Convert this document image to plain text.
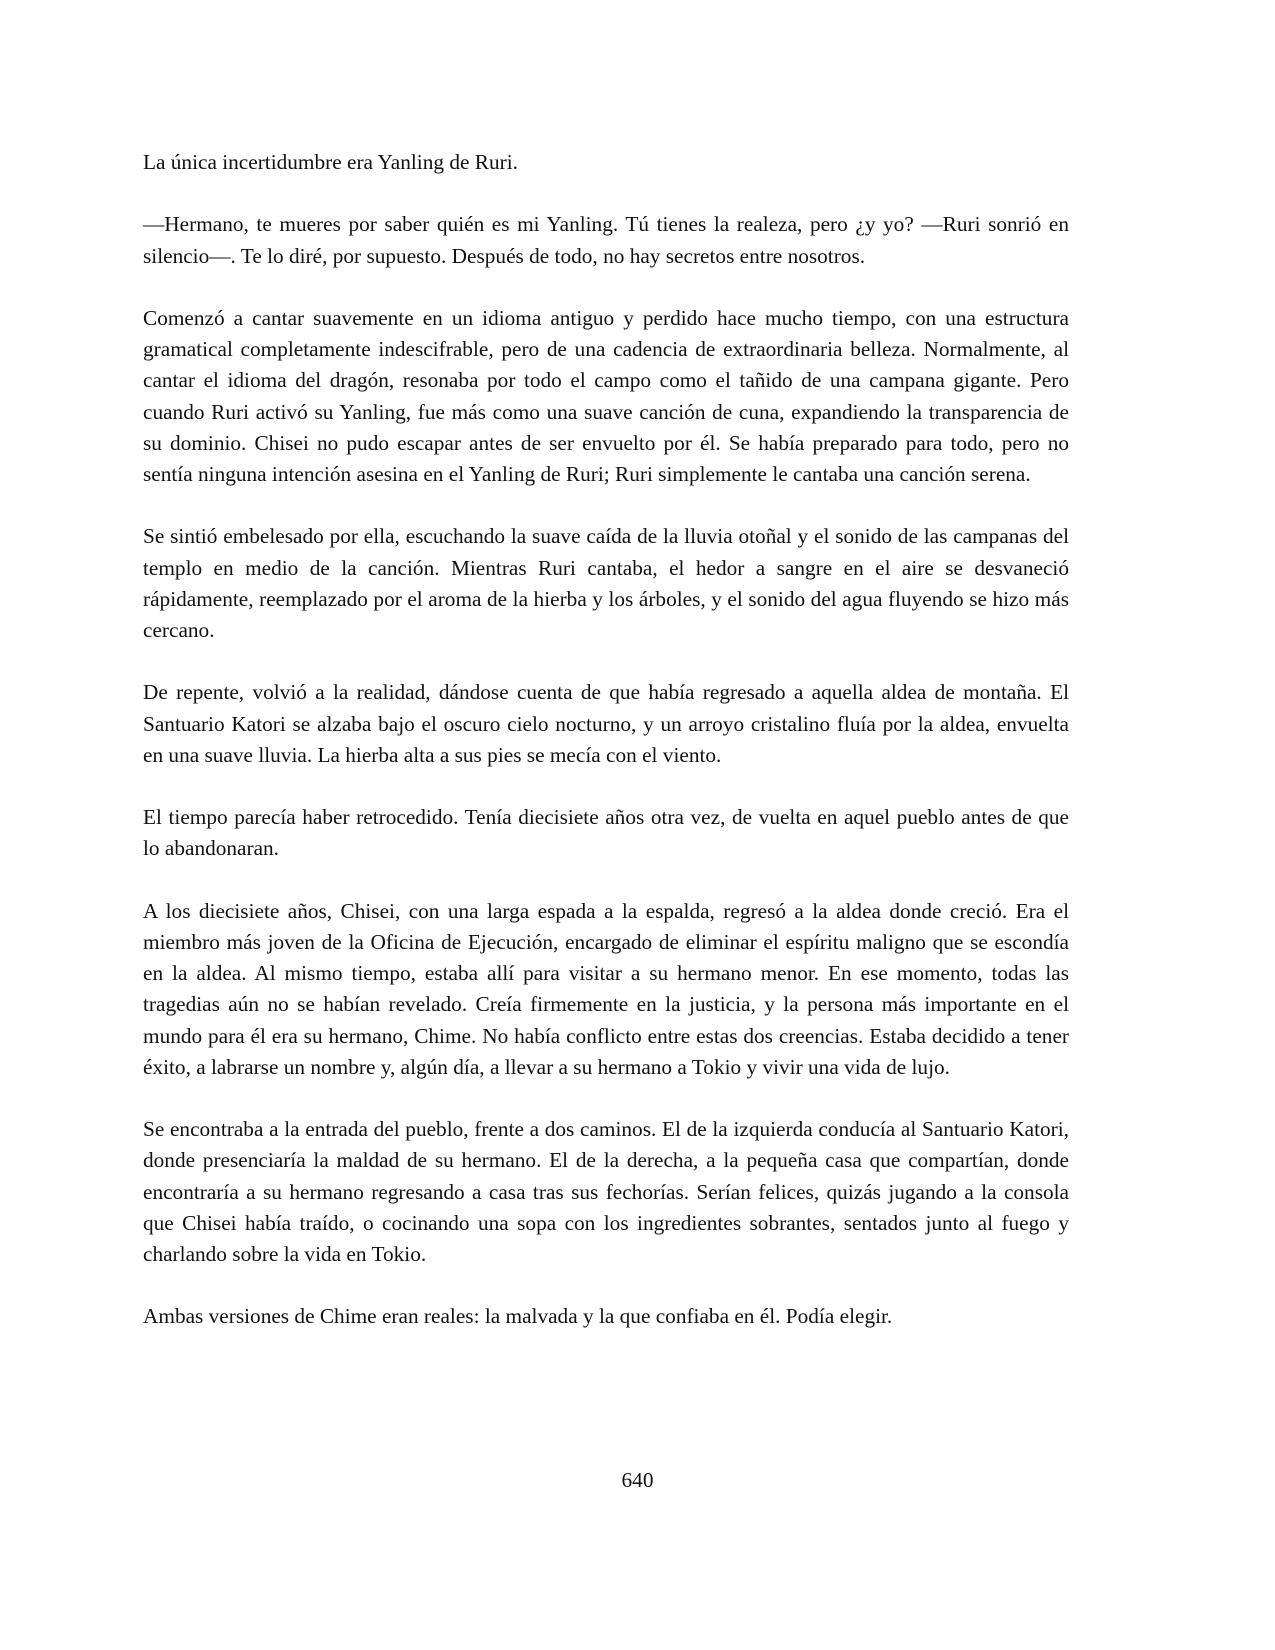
La única incertidumbre era Yanling de Ruri.

—Hermano, te mueres por saber quién es mi Yanling. Tú tienes la realeza, pero ¿y yo? —Ruri sonrió en silencio—. Te lo diré, por supuesto. Después de todo, no hay secretos entre nosotros.

Comenzó a cantar suavemente en un idioma antiguo y perdido hace mucho tiempo, con una estructura gramatical completamente indescifrable, pero de una cadencia de extraordinaria belleza. Normalmente, al cantar el idioma del dragón, resonaba por todo el campo como el tañido de una campana gigante. Pero cuando Ruri activó su Yanling, fue más como una suave canción de cuna, expandiendo la transparencia de su dominio. Chisei no pudo escapar antes de ser envuelto por él. Se había preparado para todo, pero no sentía ninguna intención asesina en el Yanling de Ruri; Ruri simplemente le cantaba una canción serena.

Se sintió embelesado por ella, escuchando la suave caída de la lluvia otoñal y el sonido de las campanas del templo en medio de la canción. Mientras Ruri cantaba, el hedor a sangre en el aire se desvaneció rápidamente, reemplazado por el aroma de la hierba y los árboles, y el sonido del agua fluyendo se hizo más cercano.

De repente, volvió a la realidad, dándose cuenta de que había regresado a aquella aldea de montaña. El Santuario Katori se alzaba bajo el oscuro cielo nocturno, y un arroyo cristalino fluía por la aldea, envuelta en una suave lluvia. La hierba alta a sus pies se mecía con el viento.

El tiempo parecía haber retrocedido. Tenía diecisiete años otra vez, de vuelta en aquel pueblo antes de que lo abandonaran.

A los diecisiete años, Chisei, con una larga espada a la espalda, regresó a la aldea donde creció. Era el miembro más joven de la Oficina de Ejecución, encargado de eliminar el espíritu maligno que se escondía en la aldea. Al mismo tiempo, estaba allí para visitar a su hermano menor. En ese momento, todas las tragedias aún no se habían revelado. Creía firmemente en la justicia, y la persona más importante en el mundo para él era su hermano, Chime. No había conflicto entre estas dos creencias. Estaba decidido a tener éxito, a labrarse un nombre y, algún día, a llevar a su hermano a Tokio y vivir una vida de lujo.

Se encontraba a la entrada del pueblo, frente a dos caminos. El de la izquierda conducía al Santuario Katori, donde presenciaría la maldad de su hermano. El de la derecha, a la pequeña casa que compartían, donde encontraría a su hermano regresando a casa tras sus fechorías. Serían felices, quizás jugando a la consola que Chisei había traído, o cocinando una sopa con los ingredientes sobrantes, sentados junto al fuego y charlando sobre la vida en Tokio.

Ambas versiones de Chime eran reales: la malvada y la que confiaba en él. Podía elegir.

640
